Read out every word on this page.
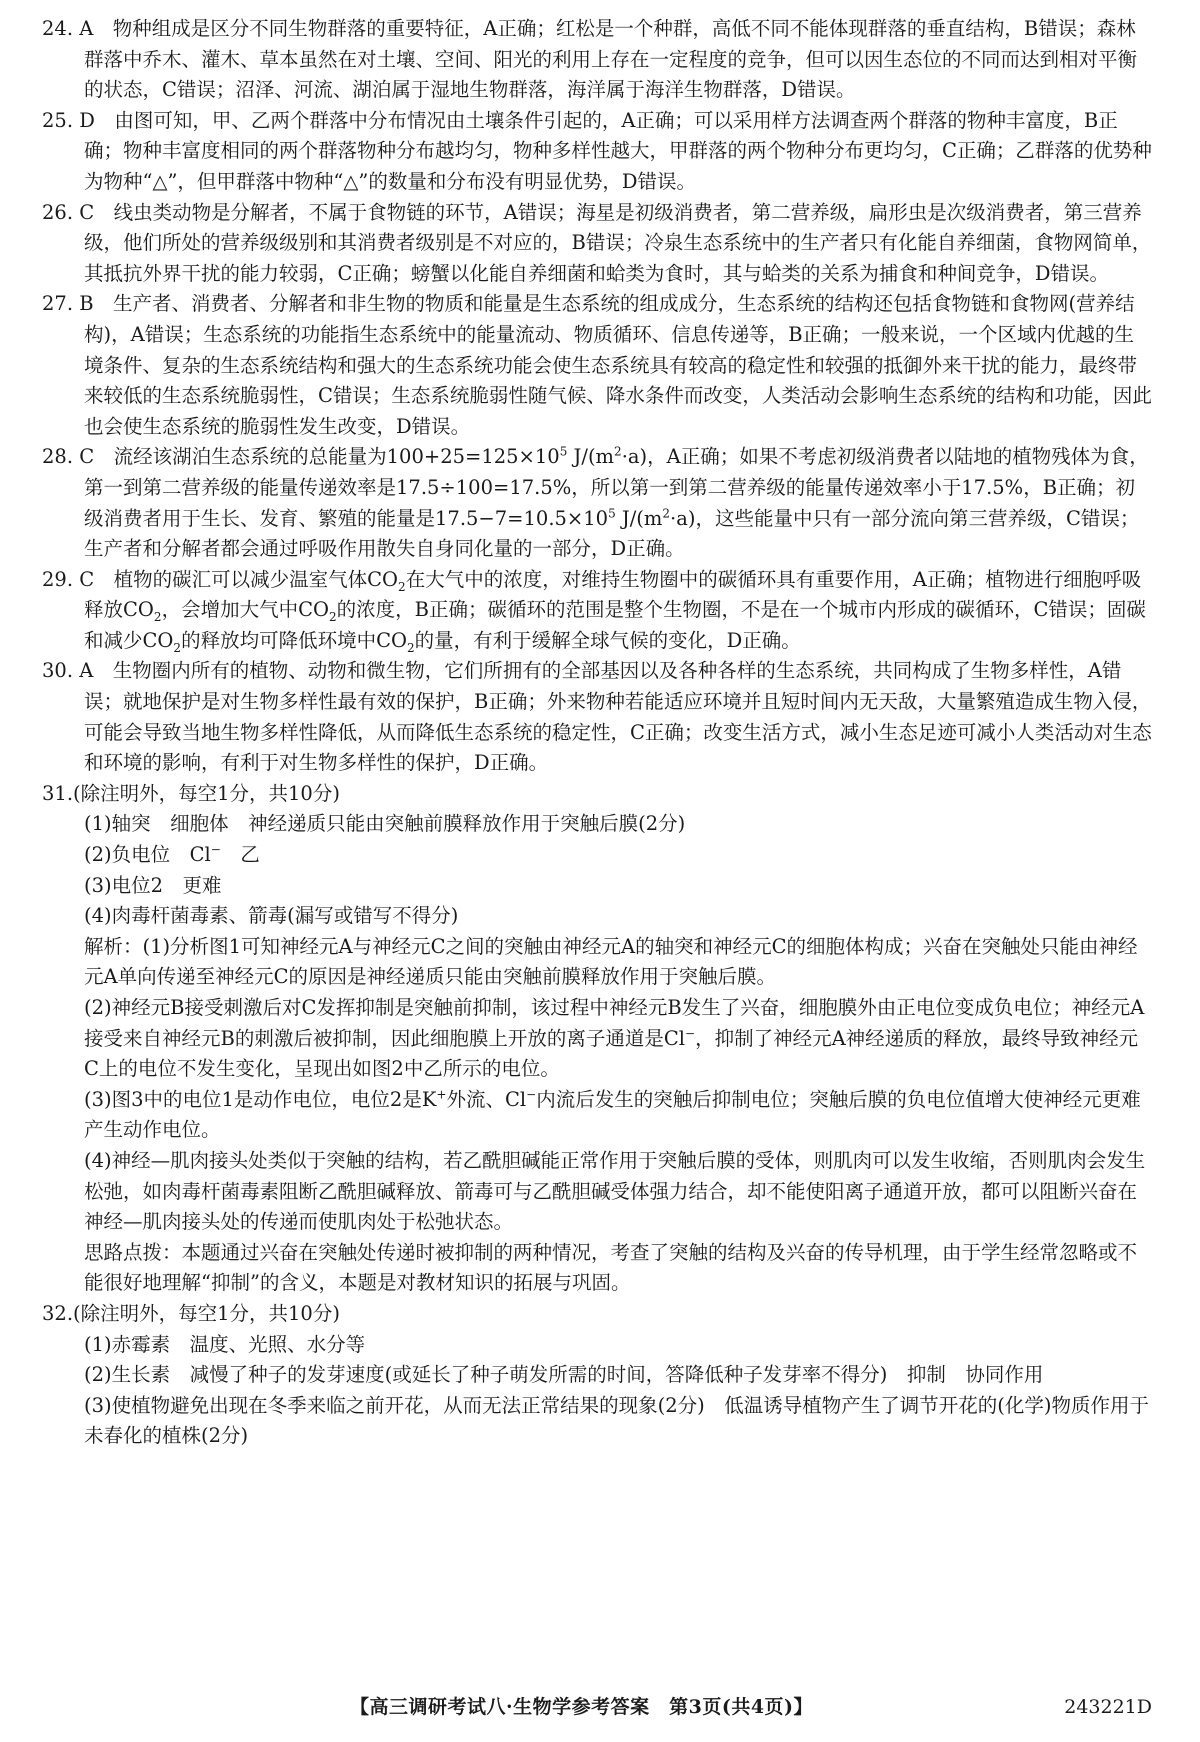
24. A　物种组成是区分不同生物群落的重要特征，A正确；红松是一个种群，高低不同不能体现群落的垂直结构，B错误；森林群落中乔木、灌木、草本虽然在对土壤、空间、阳光的利用上存在一定程度的竞争，但可以因生态位的不同而达到相对平衡的状态，C错误；沼泽、河流、湖泊属于湿地生物群落，海洋属于海洋生物群落，D错误。

25. D　由图可知，甲、乙两个群落中分布情况由土壤条件引起的，A正确；可以采用样方法调查两个群落的物种丰富度，B正确；物种丰富度相同的两个群落物种分布越均匀，物种多样性越大，甲群落的两个物种分布更均匀，C正确；乙群落的优势种为物种“△”，但甲群落中物种“△”的数量和分布没有明显优势，D错误。

26. C　线虫类动物是分解者，不属于食物链的环节，A错误；海星是初级消费者，第二营养级，扁形虫是次级消费者，第三营养级，他们所处的营养级级别和其消费者级别是不对应的，B错误；冷泉生态系统中的生产者只有化能自养细菌，食物网简单，其抵抗外界干扰的能力较弱，C正确；螃蟹以化能自养细菌和蛤类为食时，其与蛤类的关系为捕食和种间竞争，D错误。

27. B　生产者、消费者、分解者和非生物的物质和能量是生态系统的组成成分，生态系统的结构还包括食物链和食物网(营养结构)，A错误；生态系统的功能指生态系统中的能量流动、物质循环、信息传递等，B正确；一般来说，一个区域内优越的生境条件、复杂的生态系统结构和强大的生态系统功能会使生态系统具有较高的稳定性和较强的抵御外来干扰的能力，最终带来较低的生态系统脆弱性，C错误；生态系统脆弱性随气候、降水条件而改变，人类活动会影响生态系统的结构和功能，因此也会使生态系统的脆弱性发生改变，D错误。

28. C　流经该湖泊生态系统的总能量为$100+25=125\times 10^5$ $J/(m^2\cdot a)$，A正确；如果不考虑初级消费者以陆地的植物残体为食，第一到第二营养级的能量传递效率是17.5÷100=17.5%，所以第一到第二营养级的能量传递效率小于17.5%，B正确；初级消费者用于生长、发育、繁殖的能量是$17.5-7=10.5\times 10^5$ $J/(m^2\cdot a)$，这些能量中只有一部分流向第三营养级，C错误；生产者和分解者都会通过呼吸作用散失自身同化量的一部分，D正确。

29. C　植物的碳汇可以减少温室气体$CO_2$在大气中的浓度，对维持生物圈中的碳循环具有重要作用，A正确；植物进行细胞呼吸释放$CO_2$，会增加大气中$CO_2$的浓度，B正确；碳循环的范围是整个生物圈，不是在一个城市内形成的碳循环，C错误；固碳和减少$CO_2$的释放均可降低环境中$CO_2$的量，有利于缓解全球气候的变化，D正确。

30. A　生物圈内所有的植物、动物和微生物，它们所拥有的全部基因以及各种各样的生态系统，共同构成了生物多样性，A错误；就地保护是对生物多样性最有效的保护，B正确；外来物种若能适应环境并且短时间内无天敌，大量繁殖造成生物入侵，可能会导致当地生物多样性降低，从而降低生态系统的稳定性，C正确；改变生活方式，减小生态足迹可减小人类活动对生态和环境的影响，有利于对生物多样性的保护，D正确。

31.(除注明外，每空1分，共10分)

(1)轴突　细胞体　神经递质只能由突触前膜释放作用于突触后膜(2分)

(2)负电位　Cl−　乙

(3)电位2　更难

(4)肉毒杆菌毒素、箭毒(漏写或错写不得分)

解析：(1)分析图1可知神经元A与神经元C之间的突触由神经元A的轴突和神经元C的细胞体构成；兴奋在突触处只能由神经元A单向传递至神经元C的原因是神经递质只能由突触前膜释放作用于突触后膜。

(2)神经元B接受刺激后对C发挥抑制是突触前抑制，该过程中神经元B发生了兴奋，细胞膜外由正电位变成负电位；神经元A接受来自神经元B的刺激后被抑制，因此细胞膜上开放的离子通道是Cl−，抑制了神经元A神经递质的释放，最终导致神经元C上的电位不发生变化，呈现出如图2中乙所示的电位。

(3)图3中的电位1是动作电位，电位2是K+外流、Cl−内流后发生的突触后抑制电位；突触后膜的负电位值增大使神经元更难产生动作电位。

(4)神经—肌肉接头处类似于突触的结构，若乙酰胆碱能正常作用于突触后膜的受体，则肌肉可以发生收缩，否则肌肉会发生松弛，如肉毒杆菌毒素阻断乙酰胆碱释放、箭毒可与乙酰胆碱受体强力结合，却不能使阳离子通道开放，都可以阻断兴奋在神经—肌肉接头处的传递而使肌肉处于松弛状态。

思路点拨：本题通过兴奋在突触处传递时被抑制的两种情况，考查了突触的结构及兴奋的传导机理，由于学生经常忽略或不能很好地理解“抑制”的含义，本题是对教材知识的拓展与巩固。

32.(除注明外，每空1分，共10分)

(1)赤霉素　温度、光照、水分等

(2)生长素　减慢了种子的发芽速度(或延长了种子萌发所需的时间，答降低种子发芽率不得分)　抑制　协同作用

(3)使植物避免出现在冬季来临之前开花，从而无法正常结果的现象(2分)　低温诱导植物产生了调节开花的(化学)物质作用于未春化的植株(2分)

【高三调研考试八·生物学参考答案　第3页(共4页)】	243221D
